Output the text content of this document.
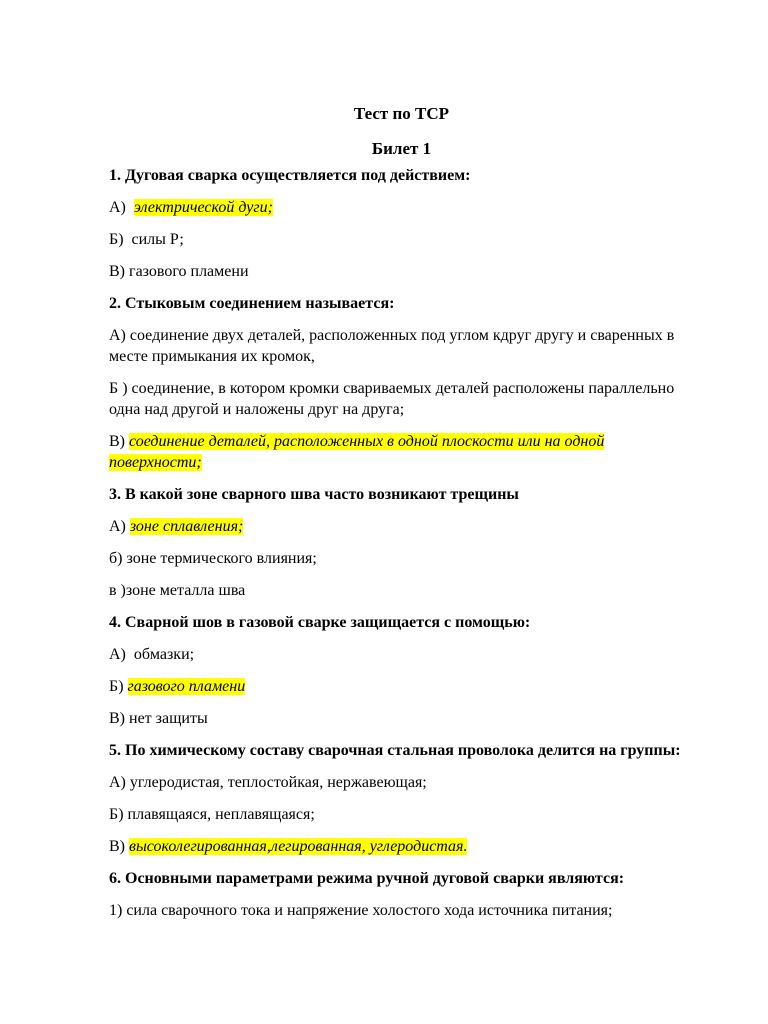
Тест по ТСР

Билет 1

1. Дуговая сварка осуществляется под действием:

А)  электрической дуги;

Б)  силы Р;

В) газового пламени

2. Стыковым соединением называется:

А) соединение двух деталей, расположенных под углом кдруг другу и сваренных в месте примыкания их кромок,

Б ) соединение, в котором кромки свариваемых деталей расположены параллельно одна над другой и наложены друг на друга;

В) соединение деталей, расположенных в одной плоскости или на одной поверхности;

3. В какой зоне сварного шва часто возникают трещины

А) зоне сплавления;

б) зоне термического влияния;

в )зоне металла шва

4. Сварной шов в газовой сварке защищается с помощью:

А)  обмазки;

Б) газового пламени

В) нет защиты

5. По химическому составу сварочная стальная проволока делится на группы:

А) углеродистая, теплостойкая, нержавеющая;

Б) плавящаяся, неплавящаяся;

В) высоколегированная,легированная, углеродистая.

6. Основными параметрами режима ручной дуговой сварки являются:

1) сила сварочного тока и напряжение холостого хода источника питания;
